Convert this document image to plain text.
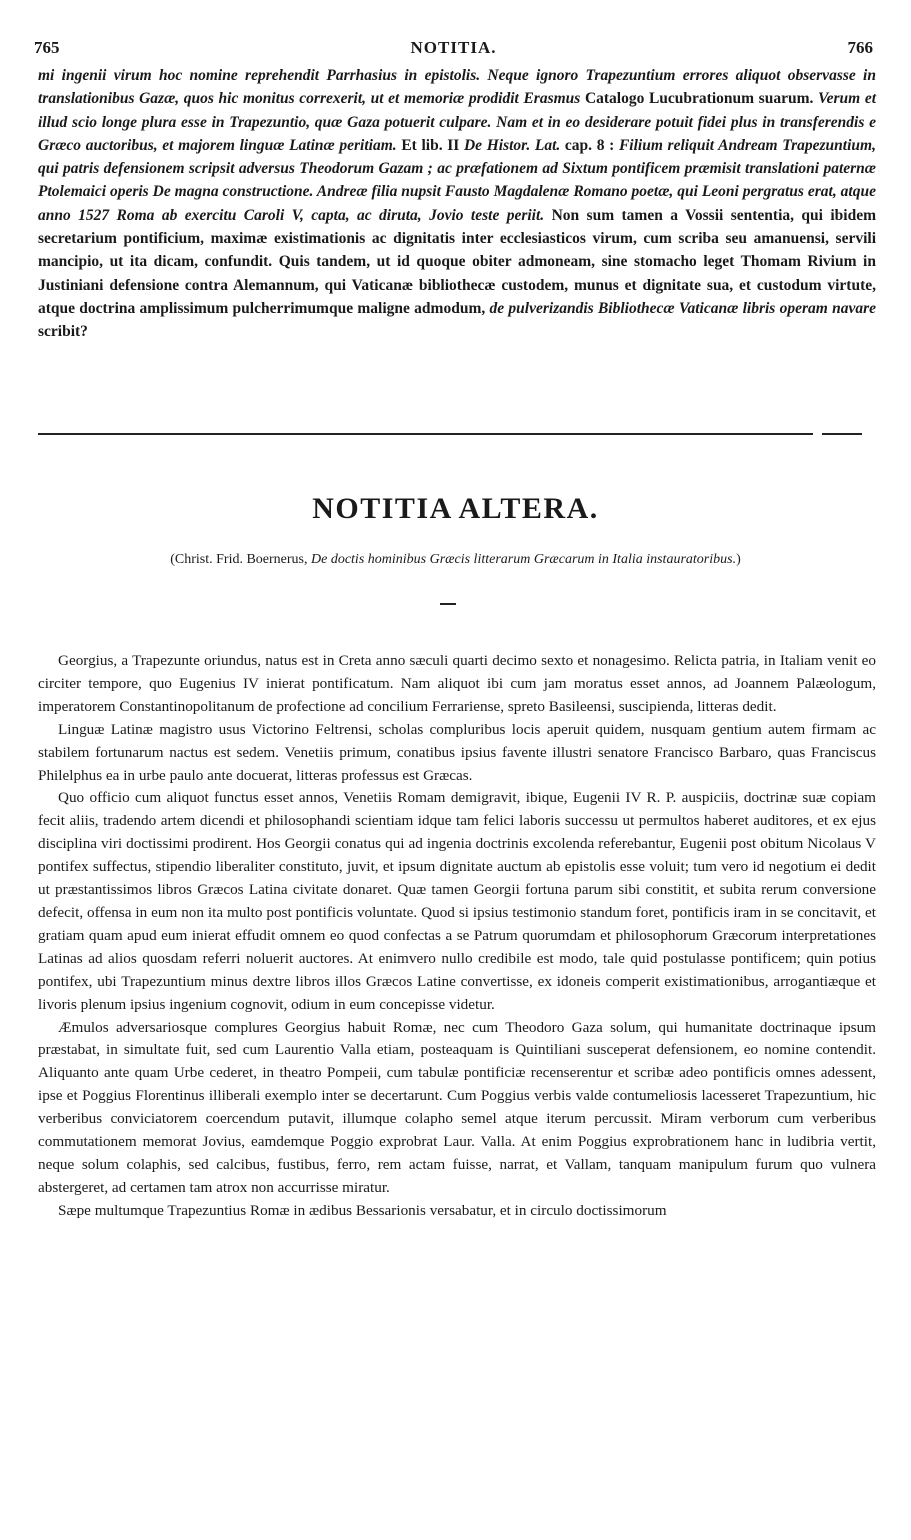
765	NOTITIA.	766

mi ingenii virum hoc nomine reprehendit Parrhasius in epistolis. Neque ignoro Trapezuntium errores aliquot observasse in translationibus Gazæ, quos hic monitus correxerit, ut et memoriæ prodidit Erasmus Catalogo Lucubrationum suarum. Verum et illud scio longe plura esse in Trapezuntio, quæ Gaza potuerit culpare. Nam et in eo desiderare potuit fidei plus in transferendis e Græco auctoribus, et majorem linguæ Latinæ peritiam. Et lib. II De Histor. Lat. cap. 8 : Filium reliquit Andream Trapezuntium, qui patris defensionem scripsit adversus Theodorum Gazam ; ac præfationem ad Sixtum pontificem præmisit translationi paternæ Ptolemaici operis De magna constructione. Andreæ filia nupsit Fausto Magdalenæ Romano poetæ, qui Leoni pergratus erat, atque anno 1527 Roma ab exercitu Caroli V, capta, ac diruta, Jovio teste periit. Non sum tamen a Vossii sententia, qui ibidem secretarium pontificium, maximæ existimationis ac dignitatis inter ecclesiasticos virum, cum scriba seu amanuensi, servili mancipio, ut ita dicam, confundit. Quis tandem, ut id quoque obiter admoneam, sine stomacho leget Thomam Rivium in Justiniani defensione contra Alemannum, qui Vaticanæ bibliothecæ custodem, munus et dignitate sua, et custodum virtute, atque doctrina amplissimum pulcherrimumque maligne admodum, de pulverizandis Bibliothecæ Vaticanæ libris operam navare scribit?

NOTITIA ALTERA.
(Christ. Frid. Boernerus, De doctis hominibus Græcis litterarum Græcarum in Italia instauratoribus.)

Georgius, a Trapezunte oriundus, natus est in Creta anno sæculi quarti decimo sexto et nonagesimo. Relicta patria, in Italiam venit eo circiter tempore, quo Eugenius IV inierat pontificatum. Nam aliquot ibi cum jam moratus esset annos, ad Joannem Palæologum, imperatorem Constantinopolitanum de profectione ad concilium Ferrariense, spreto Basileensi, suscipienda, litteras dedit.

Linguæ Latinæ magistro usus Victorino Feltrensi, scholas compluribus locis aperuit quidem, nusquam gentium autem firmam ac stabilem fortunarum nactus est sedem. Venetiis primum, conatibus ipsius favente illustri senatore Francisco Barbaro, quas Franciscus Philelphus ea in urbe paulo ante docuerat, litteras professus est Græcas.

Quo officio cum aliquot functus esset annos, Venetiis Romam demigravit, ibique, Eugenii IV R. P. auspiciis, doctrinæ suæ copiam fecit aliis, tradendo artem dicendi et philosophandi scientiam idque tam felici laboris successu ut permultos haberet auditores, et ex ejus disciplina viri doctissimi prodirent. Hos Georgii conatus qui ad ingenia doctrinis excolenda referebantur, Eugenii post obitum Nicolaus V pontifex suffectus, stipendio liberaliter constituto, juvit, et ipsum dignitate auctum ab epistolis esse voluit; tum vero id negotium ei dedit ut præstantissimos libros Græcos Latina civitate donaret. Quæ tamen Georgii fortuna parum sibi constitit, et subita rerum conversione defecit, offensa in eum non ita multo post pontificis voluntate. Quod si ipsius testimonio standum foret, pontificis iram in se concitavit, et gratiam quam apud eum inierat effudit omnem eo quod confectas a se Patrum quorumdam et philosophorum Græcorum interpretationes Latinas ad alios quosdam referri noluerit auctores. At enimvero nullo credibile est modo, tale quid postulasse pontificem; quin potius pontifex, ubi Trapezuntium minus dextre libros illos Græcos Latine convertisse, ex idoneis comperit existimationibus, arrogantiæque et livoris plenum ipsius ingenium cognovit, odium in eum concepisse videtur.

Æmulos adversariosque complures Georgius habuit Romæ, nec cum Theodoro Gaza solum, qui humanitate doctrinaque ipsum præstabat, in simultate fuit, sed cum Laurentio Valla etiam, posteaquam is Quintiliani susceperat defensionem, eo nomine contendit. Aliquanto ante quam Urbe cederet, in theatro Pompeii, cum tabulæ pontificiæ recenserentur et scribæ adeo pontificis omnes adessent, ipse et Poggius Florentinus illiberali exemplo inter se decertarunt. Cum Poggius verbis valde contumeliosis lacesseret Trapezuntium, hic verberibus conviciatorem coercendum putavit, illumque colapho semel atque iterum percussit. Miram verborum cum verberibus commutationem memorat Jovius, eamdemque Poggio exprobrat Laur. Valla. At enim Poggius exprobrationem hanc in ludibria vertit, neque solum colaphis, sed calcibus, fustibus, ferro, rem actam fuisse, narrat, et Vallam, tanquam manipulum furum quo vulnera abstergeret, ad certamen tam atrox non accurrisse miratur.

Sæpe multumque Trapezuntius Romæ in ædibus Bessarionis versabatur, et in circulo doctissimorum
